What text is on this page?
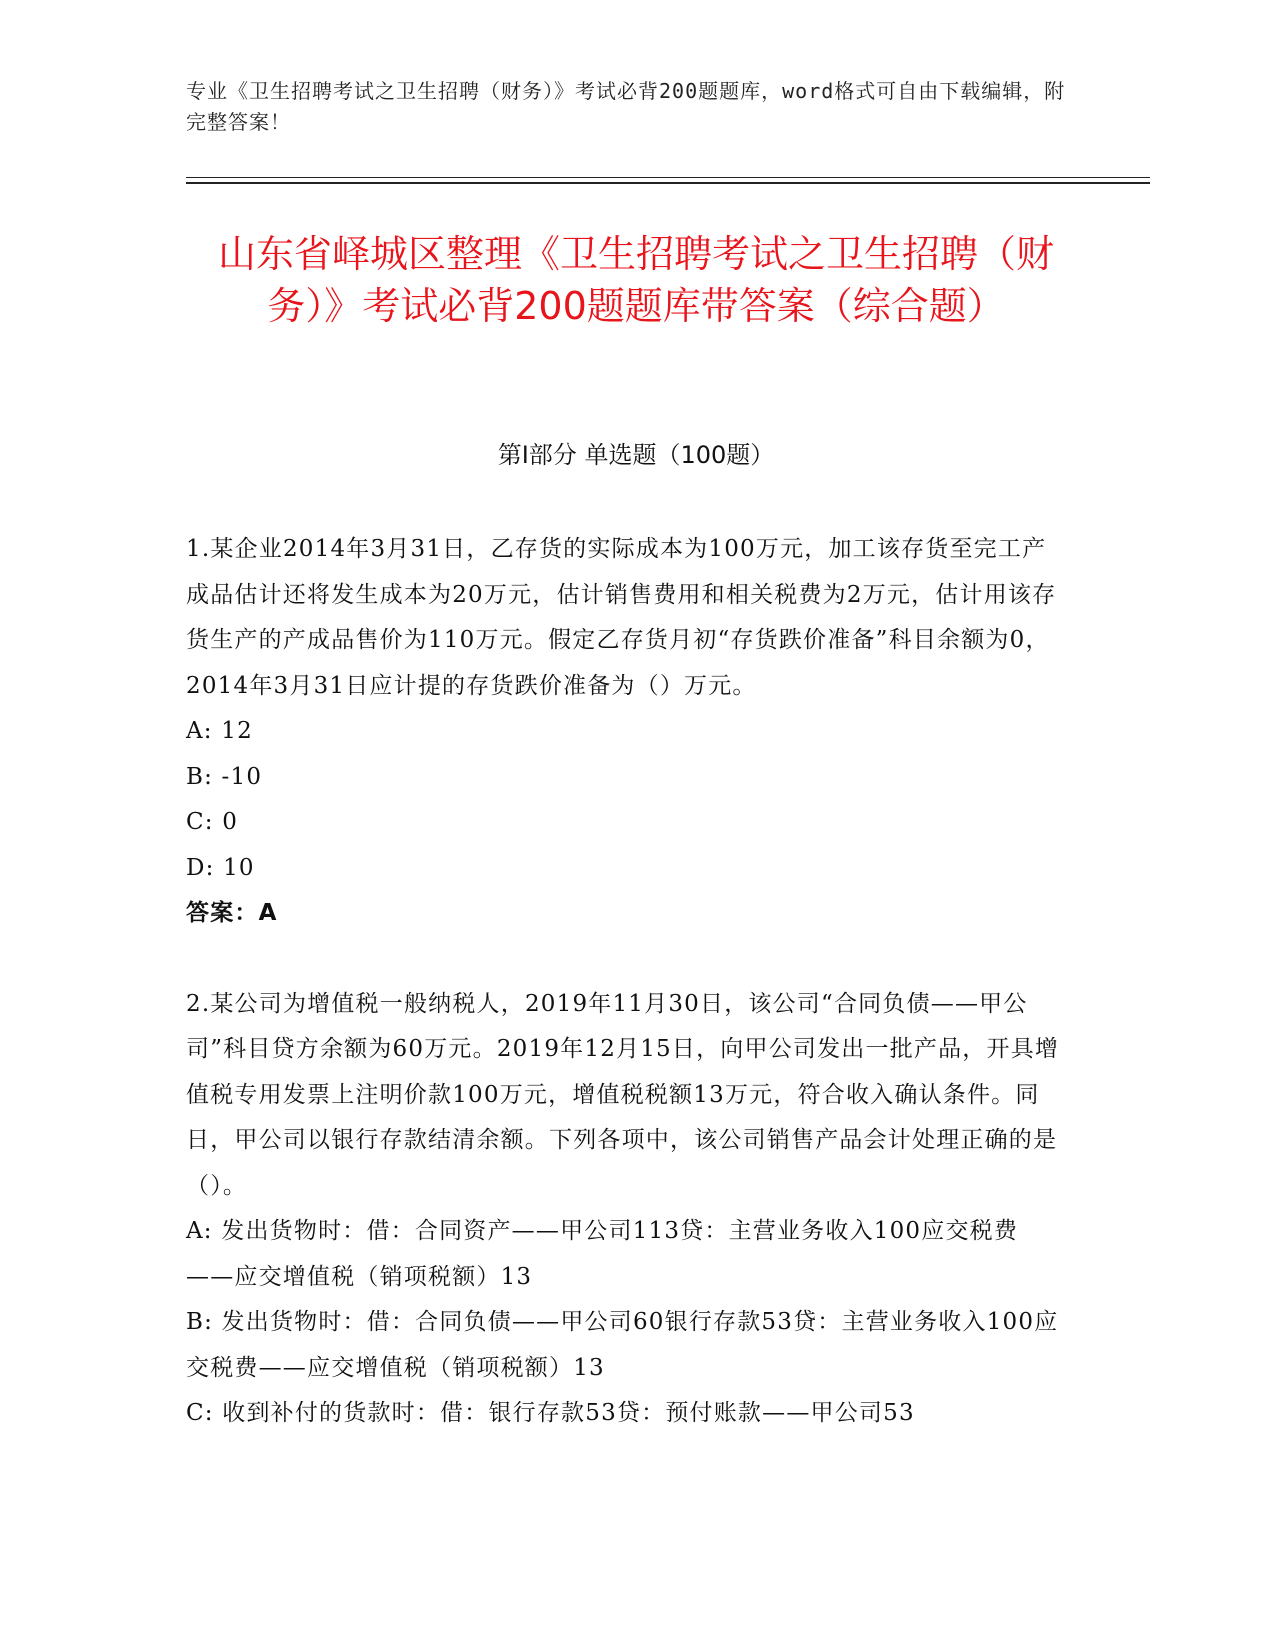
专业《卫生招聘考试之卫生招聘（财务）》考试必背200题题库，word格式可自由下载编辑，附完整答案！
山东省峄城区整理《卫生招聘考试之卫生招聘（财务）》考试必背200题题库带答案（综合题）
第Ⅰ部分 单选题（100题）

1.某企业2014年3月31日，乙存货的实际成本为100万元，加工该存货至完工产成品估计还将发生成本为20万元，估计销售费用和相关税费为2万元，估计用该存货生产的产成品售价为110万元。假定乙存货月初“存货跌价准备”科目余额为0，2014年3月31日应计提的存货跌价准备为（）万元。

A: 12

B: -10

C: 0

D: 10

答案：A

2.某公司为增值税一般纳税人，2019年11月30日，该公司“合同负债——甲公司”科目贷方余额为60万元。2019年12月15日，向甲公司发出一批产品，开具增值税专用发票上注明价款100万元，增值税税额13万元，符合收入确认条件。同日，甲公司以银行存款结清余额。下列各项中，该公司销售产品会计处理正确的是（）。

A: 发出货物时：借：合同资产——甲公司113贷：主营业务收入100应交税费——应交增值税（销项税额）13

B: 发出货物时：借：合同负债——甲公司60银行存款53贷：主营业务收入100应交税费——应交增值税（销项税额）13

C: 收到补付的货款时：借：银行存款53贷：预付账款——甲公司53
